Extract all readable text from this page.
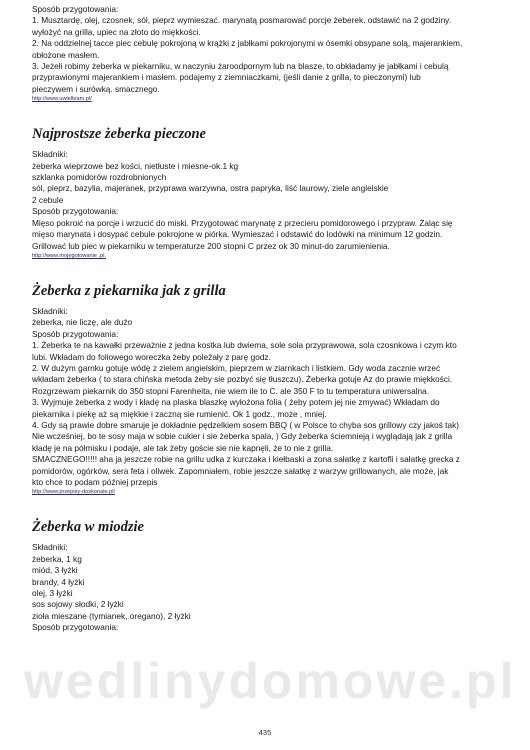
wedlinydomowe.pl

Sposób przygotowania:

1. Musztardę, olej, czosnek, sól, pieprz wymieszać. marynatą posmarować porcje żeberek. odstawić na 2 godziny.

wyłożyć na grilla, upiec na złoto do miękkości.

2. Na oddzielnej tacce piec cebulę pokrojoną w krążki z jabłkami pokrojonymi w ósemki obsypane solą, majerankiem,

obłożone masłem.

3. Jeżeli robimy żeberka w piekarniku, w naczyniu żaroodpornym lub na blasze, to obkładamy je jabłkami i cebulą

przyprawionymi majerankiem i masłem. podajemy z ziemniaczkami, (jeśli danie z grilla, to pieczonymi) lub

pieczywem i surówką. smacznego.

http://www.uwielbiam.pl/

Najprostsze żeberka pieczone

Składniki:

żeberka wieprzowe bez kości, nietłuste i miesne-ok.1 kg

szklanka pomidorów rozdrobnionych

sól, pieprz, bazylia, majeranek, przyprawa warzywna, ostra papryka, liść laurowy, ziele angielskie

2 cebule

Sposób przygotowania:

Mięso pokroić na porcje i wrzucić do miski. Przygotować marynatę z przecieru pomidorowego i przypraw. Żaląc się

mięso marynata i dosypać cebule pokrojone w piórka. Wymieszać i odstawić do lodówki na minimum 12 godzin.

Grillować lub piec w piekarniku w temperaturze 200 stopni C przez ok 30 minut-do zarumienienia.

http://www.mojegotowanie .pl.

Żeberka z piekarnika jak z grilla

Składniki:

żeberka, nie liczę, ale dużo

Sposób przygotowania:

1. Żeberka te na kawałki przeważnie z jedna kostka lub dwiema, sole sola przyprawowa, sola czosnkowa i czym kto

lubi. Wkładam do foliowego woreczka żeby poleżały z parę godz.

2. W dużym garnku gotuje wódę z zielem angielskim, pieprzem w ziarnkach i listkiem. Gdy woda zacznie wrzeć

wkładam żeberka ( to stara chińska metoda żeby sie pozbyć się tłuszczu). Żeberka gotuje Az do prawie miękkości.

Rozgrzewam piekarnik do 350 stopni Farenheita, nie wiem ile to C. ale 350 F to tu temperatura uniwersalna.

3. Wyjmuje żeberka z wody i kładę na plaska blaszkę wyłożona folia ( żeby potem jej nie zmywać) Wkładam do

piekarnika i piekę aż są miękkie i zaczną sie rumienić. Ok 1 godz., może , mniej.

4. Gdy są prawie dobre smaruje je dokładnie pędzelkiem sosem BBQ ( w Polsce to chyba sos grillowy czy jakoś tak)

Nie wcześniej, bo te sosy maja w sobie cukier i sie żeberka spala, ) Gdy żeberka ściemnieją i wyglądają jak z grilla

kładę je na półmisku i podaje, ale tak żeby goście sie nie kapnęli, że to nie z grilla.

SMACZNEGO!!!!! aha ja jeszcze robie na grillu udka z kurczaka i kiełbaski a zona sałatkę z kartofli i sałatkę grecka z

pomidorów, ogórków, sera feta i oliwek. Zapomniałem, robie jeszcze sałatkę z warzyw grillowanych, ale może, jak

kto chce to podam później przepis

http://www.przepisy-doskonale.pl/

Żeberka w miodzie

Składniki:

żeberka, 1 kg

miód, 3 łyżki

brandy, 4 łyżki

olej, 3 łyżki

sos sojowy słodki, 2 łyżki

zioła mieszane (tymianek, oregano), 2 łyżki

Sposób przygotowania:

435
